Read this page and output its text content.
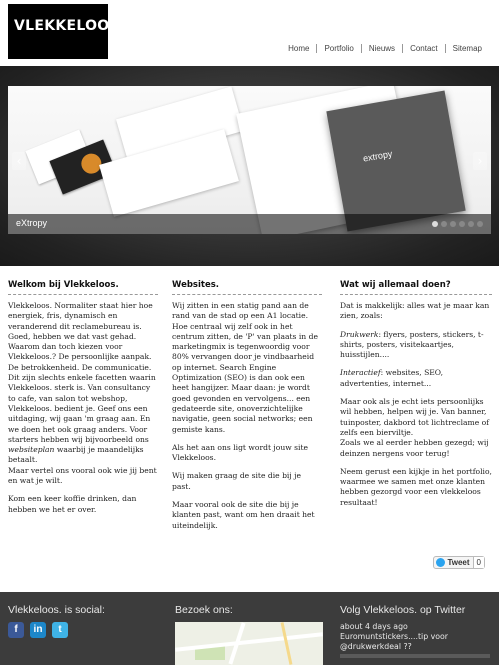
VLEKKELOOS.
Home	Portfolio	Nieuws	Contact	Sitemap
extropy
‹	›
eXtropy
Welkom bij Vlekkeloos.

Vlekkeloos. Normaliter staat hier hoe energiek, fris, dynamisch en veranderend dit reclamebureau is. Goed, hebben we dat vast gehad. Waarom dan toch kiezen voor Vlekkeloos.? De persoonlijke aanpak. De betrokkenheid. De communicatie. Dit zijn slechts enkele facetten waarin Vlekkeloos. sterk is. Van consultancy to cafe, van salon tot webshop, Vlekkeloos. bedient je. Geef ons een uitdaging, wij gaan 'm graag aan. En we doen het ook graag anders. Voor starters hebben wij bijvoorbeeld ons websiteplan waarbij je maandelijks betaalt.
Maar vertel ons vooral ook wie jij bent en wat je wilt.

Kom een keer koffie drinken, dan hebben we het er over.

Websites.

Wij zitten in een statig pand aan de rand van de stad op een A1 locatie. Hoe centraal wij zelf ook in het centrum zitten, de 'P' van plaats in de marketingmix is tegenwoordig voor 80% vervangen door je vindbaarheid op internet. Search Engine Optimization (SEO) is dan ook een heet hangijzer. Maar daan: je wordt goed gevonden en vervolgens... een gedateerde site, onoverzichtelijke navigatie, geen social networks; een gemiste kans.

Als het aan ons ligt wordt jouw site Vlekkeloos.

Wij maken graag de site die bij je past.

Maar vooral ook de site die bij je klanten past, want om hen draait het uiteindelijk.

Wat wij allemaal doen?

Dat is makkelijk: alles wat je maar kan zien, zoals:

Drukwerk: flyers, posters, stickers, t-shirts, posters, visitekaartjes, huisstijlen....

Interactief: websites, SEO, advertenties, internet...

Maar ook als je echt iets persoonlijks wil hebben, helpen wij je. Van banner, tuinposter, dakbord tot lichtreclame of zelfs een bierviltje.
Zoals we al eerder hebben gezegd; wij deinzen nergens voor terug!

Neem gerust een kijkje in het portfolio, waarmee we samen met onze klanten hebben gezorgd voor een vlekkeloos resultaat!

Tweet 0
Vlekkeloos. is social:	Bezoek ons:	Volg Vlekkeloos. op Twitter
f	in	t	about 4 days ago Euromuntstickers....tip voor @drukwerkdeal ??
